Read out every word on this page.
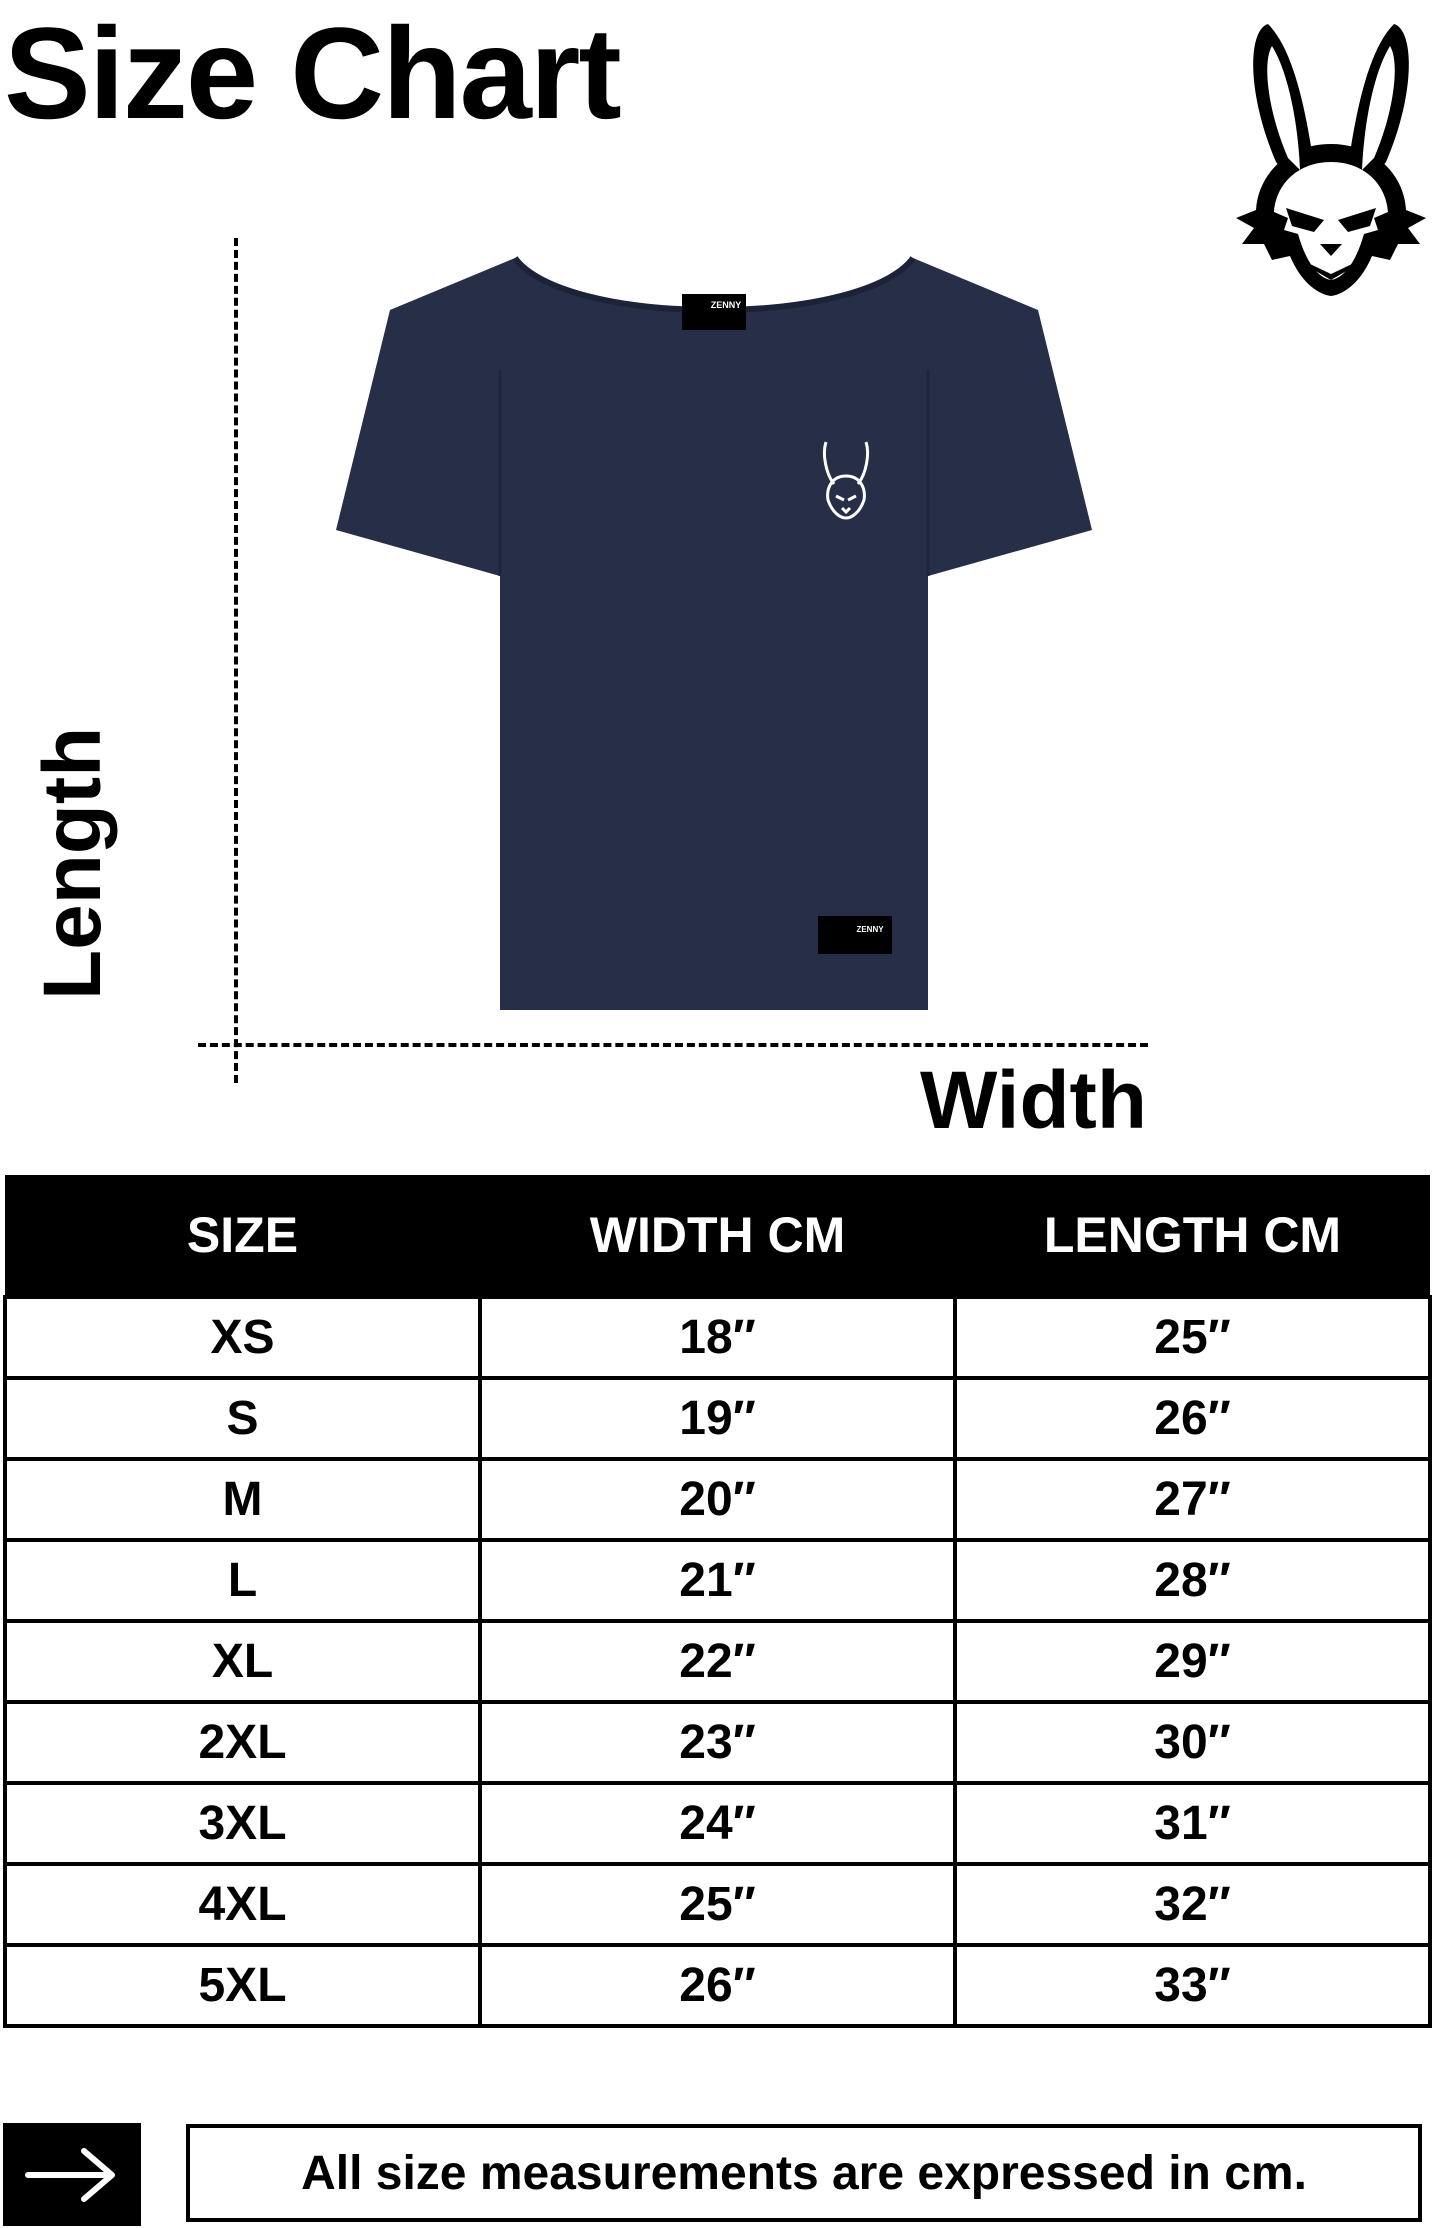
Size Chart
Length
Width
ZENNY
ZENNY
SIZE	WIDTH CM	LENGTH CM
XS	18″	25″
S	19″	26″
M	20″	27″
L	21″	28″
XL	22″	29″
2XL	23″	30″
3XL	24″	31″
4XL	25″	32″
5XL	26″	33″
All size measurements are expressed in cm.
